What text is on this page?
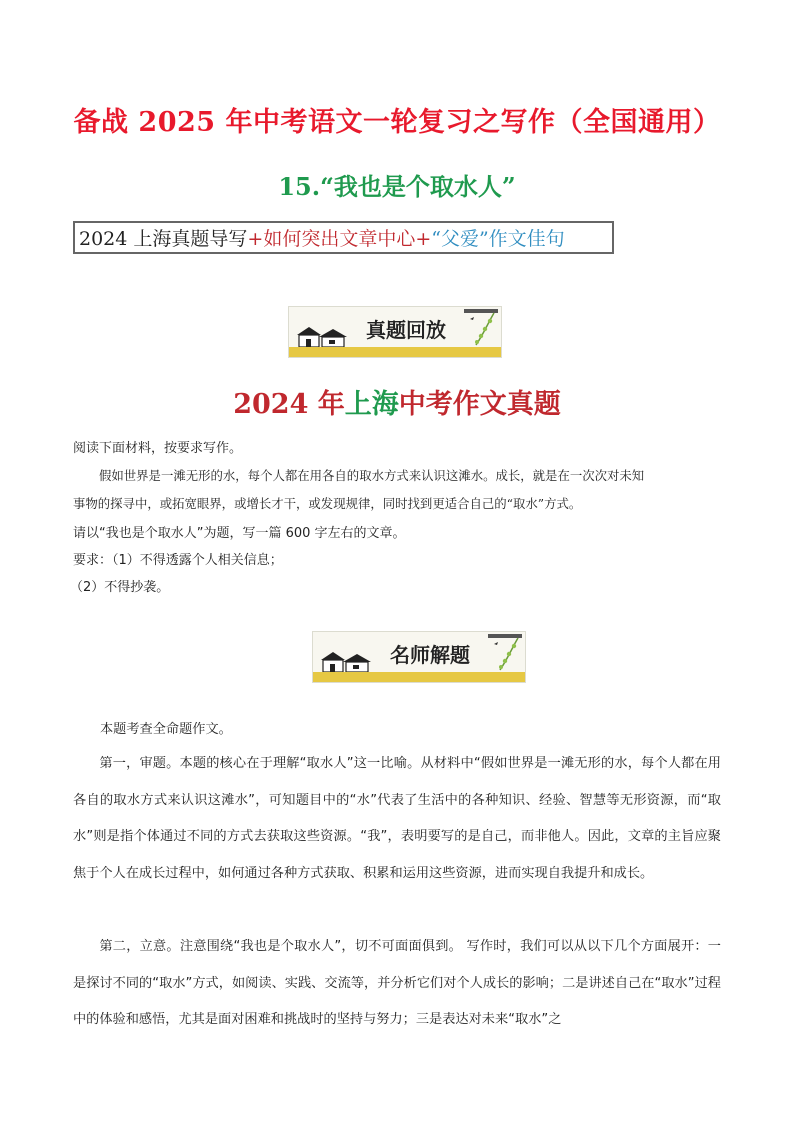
备战 2025 年中考语文一轮复习之写作（全国通用）
15.“我也是个取水人”
2024 上海真题导写 +如何突出文章中心+ “父爱”作文佳句
真题回放
2024 年上海中考作文真题
阅读下面材料，按要求写作。
假如世界是一滩无形的水，每个人都在用各自的取水方式来认识这滩水。成长，就是在一次次对未知
事物的探寻中，或拓宽眼界，或增长才干，或发现规律，同时找到更适合自己的“取水”方式。
请以“我也是个取水人”为题，写一篇 600 字左右的文章。
要求：（1）不得透露个人相关信息；
（2）不得抄袭。
名师解题
本题考查全命题作文。
第一，审题。本题的核心在于理解“取水人”这一比喻。从材料中“假如世界是一滩无形的水，每个人都在用各自的取水方式来认识这滩水”，可知题目中的“水”代表了生活中的各种知识、经验、智慧等无形资源，而“取水”则是指个体通过不同的方式去获取这些资源。“我”，表明要写的是自己，而非他人。因此，文章的主旨应聚焦于个人在成长过程中，如何通过各种方式获取、积累和运用这些资源，进而实现自我提升和成长。
第二，立意。注意围绕“我也是个取水人”，切不可面面俱到。 写作时，我们可以从以下几个方面展开：一是探讨不同的“取水”方式，如阅读、实践、交流等，并分析它们对个人成长的影响；二是讲述自己在“取水”过程中的体验和感悟，尤其是面对困难和挑战时的坚持与努力；三是表达对未来“取水”之
